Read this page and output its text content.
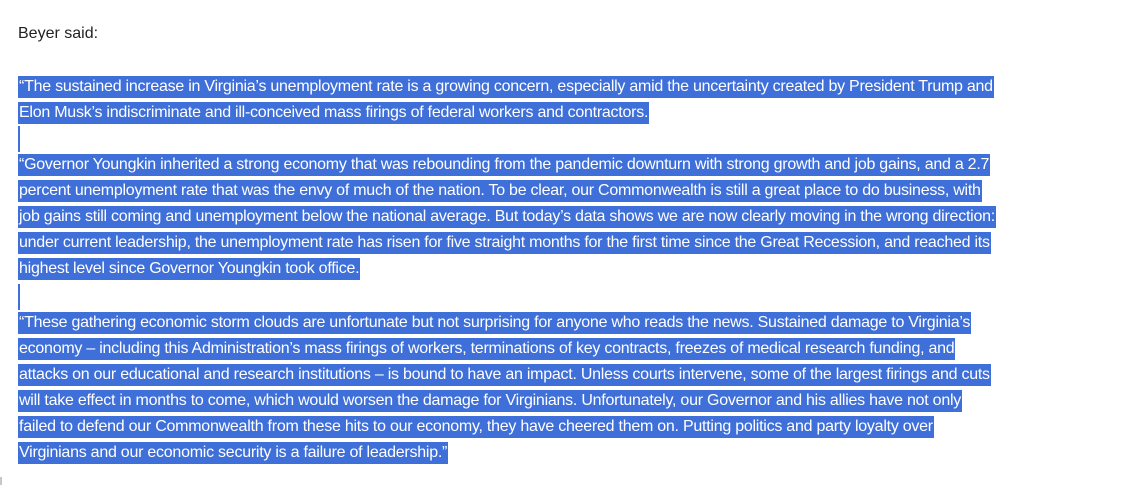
Beyer said:
“The sustained increase in Virginia’s unemployment rate is a growing concern, especially amid the uncertainty created by President Trump and
Elon Musk’s indiscriminate and ill-conceived mass firings of federal workers and contractors.
“Governor Youngkin inherited a strong economy that was rebounding from the pandemic downturn with strong growth and job gains, and a 2.7
percent unemployment rate that was the envy of much of the nation. To be clear, our Commonwealth is still a great place to do business, with
job gains still coming and unemployment below the national average. But today’s data shows we are now clearly moving in the wrong direction:
under current leadership, the unemployment rate has risen for five straight months for the first time since the Great Recession, and reached its
highest level since Governor Youngkin took office.
“These gathering economic storm clouds are unfortunate but not surprising for anyone who reads the news. Sustained damage to Virginia’s
economy – including this Administration’s mass firings of workers, terminations of key contracts, freezes of medical research funding, and
attacks on our educational and research institutions – is bound to have an impact. Unless courts intervene, some of the largest firings and cuts
will take effect in months to come, which would worsen the damage for Virginians. Unfortunately, our Governor and his allies have not only
failed to defend our Commonwealth from these hits to our economy, they have cheered them on. Putting politics and party loyalty over
Virginians and our economic security is a failure of leadership.”
